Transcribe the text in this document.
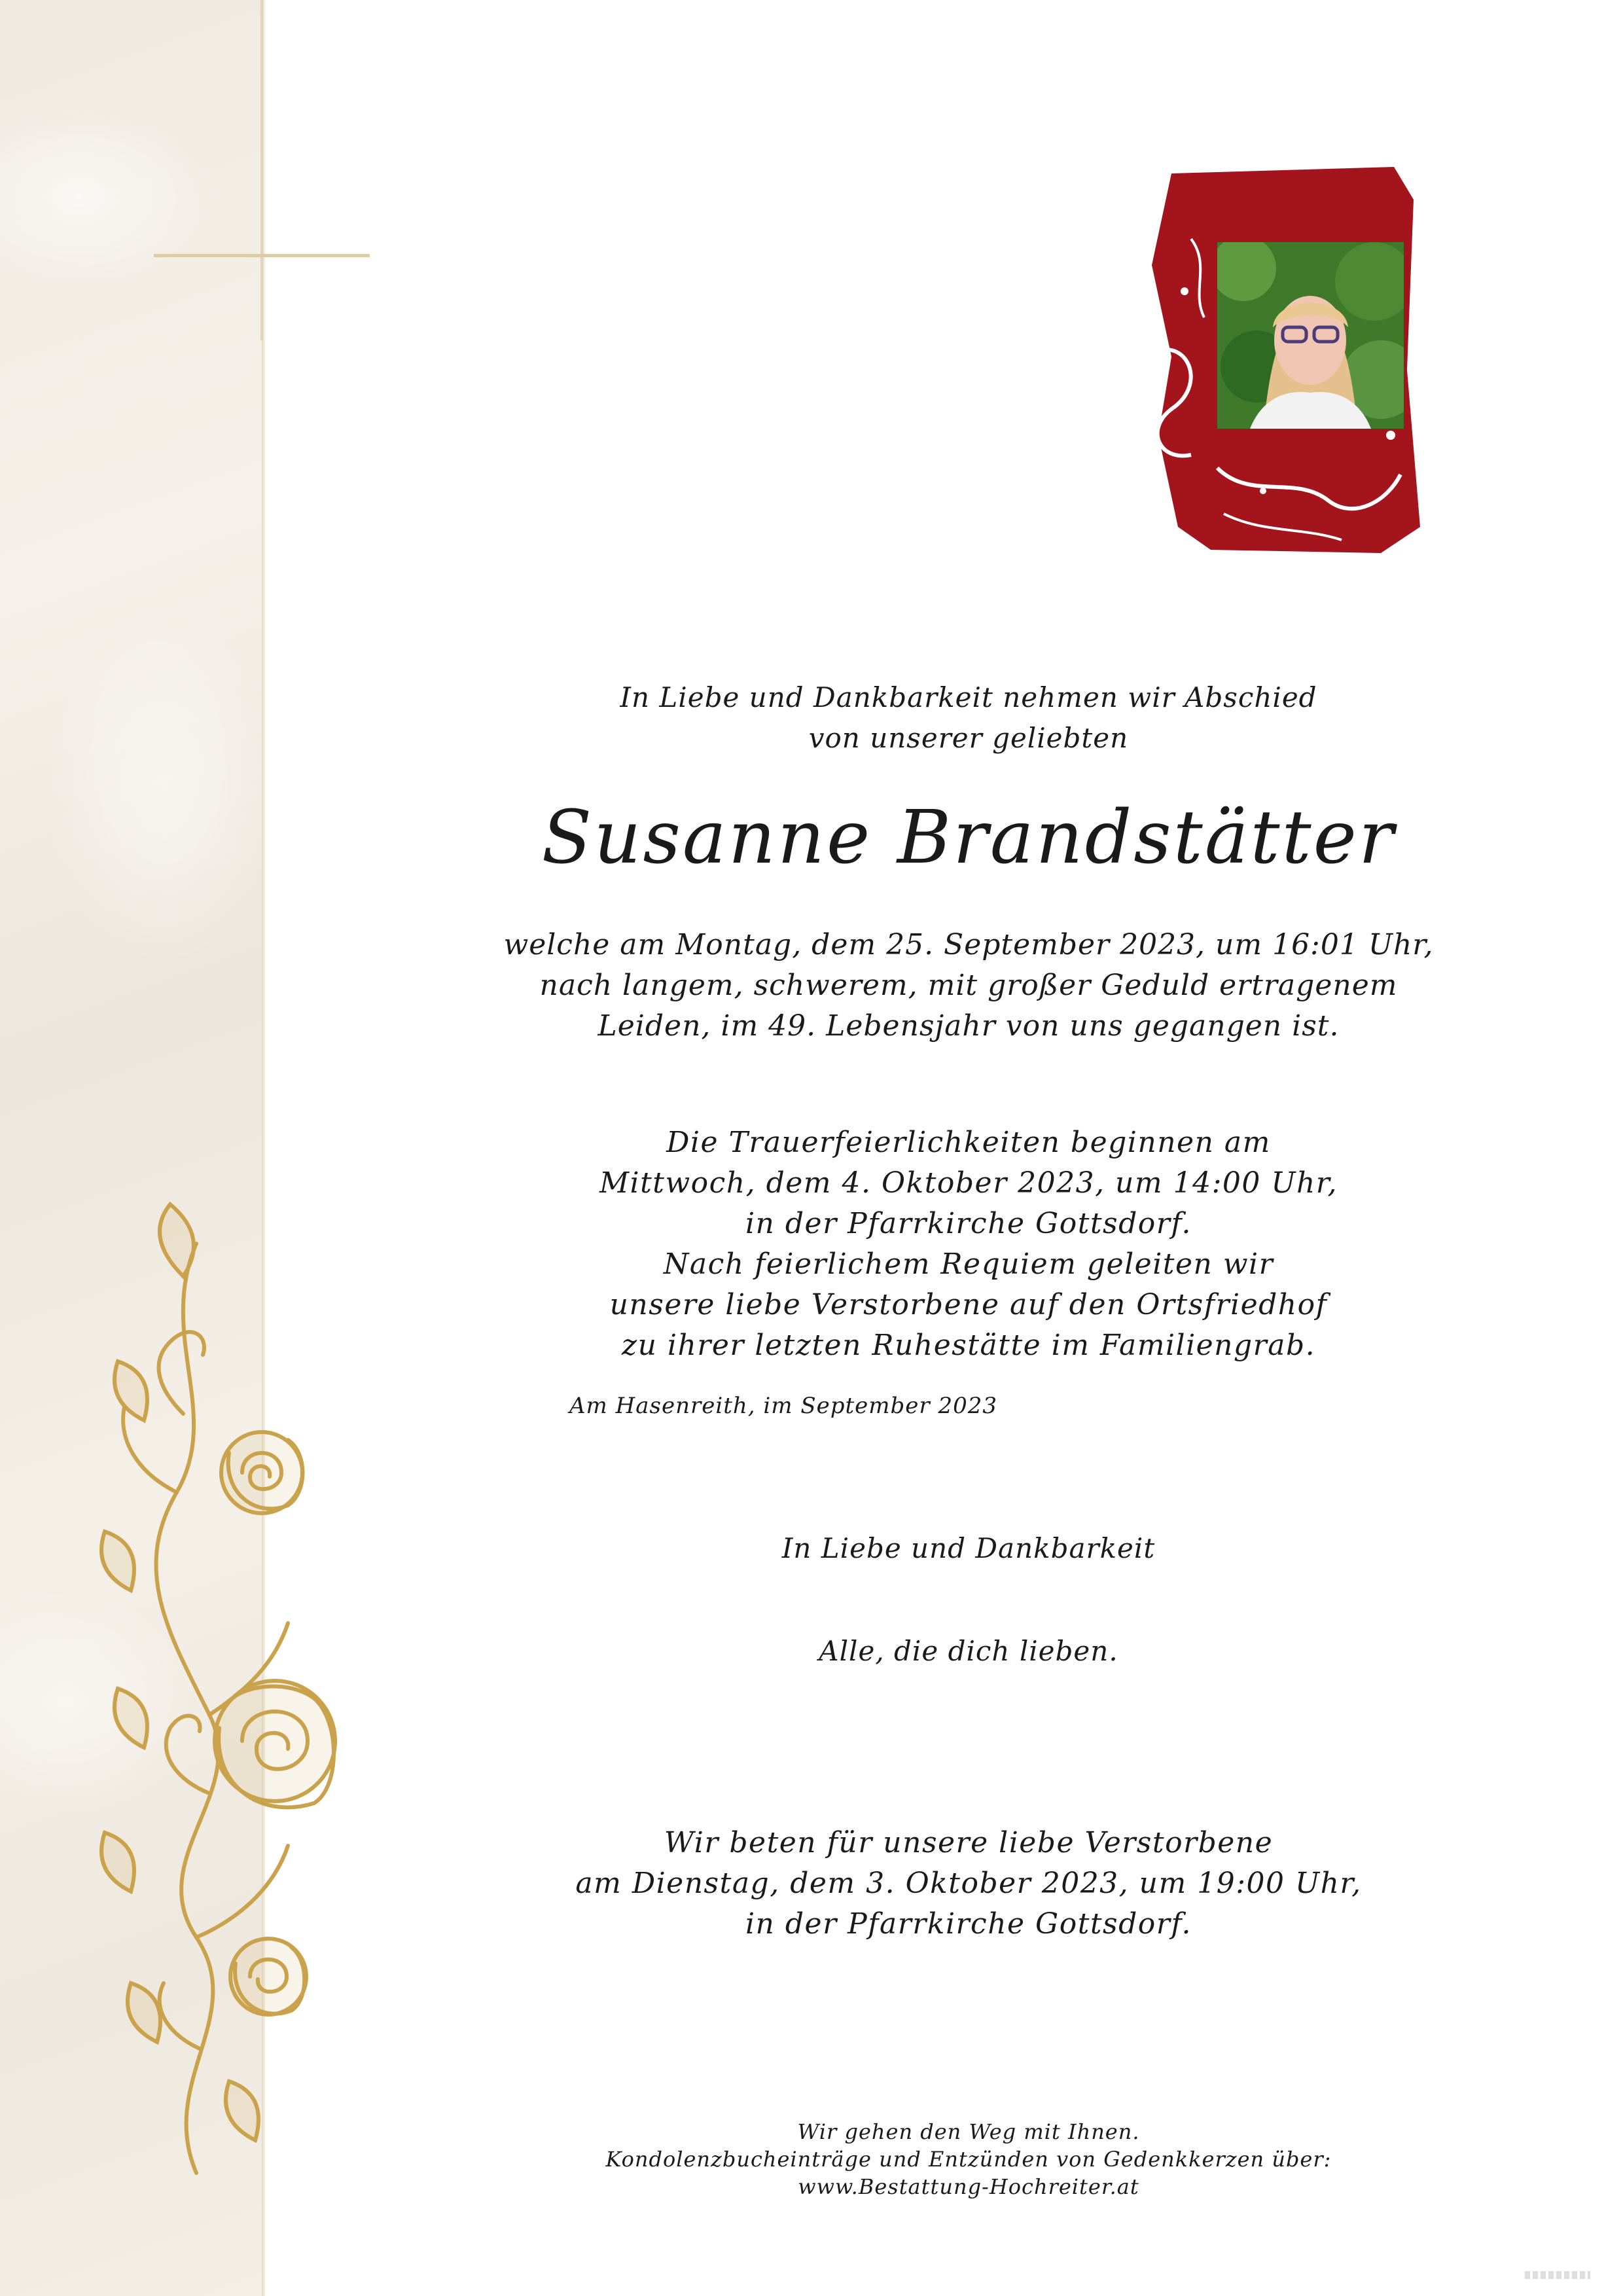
In Liebe und Dankbarkeit nehmen wir Abschied
von unserer geliebten
Susanne Brandstätter
welche am Montag, dem 25. September 2023, um 16:01 Uhr,
nach langem, schwerem, mit großer Geduld ertragenem
Leiden, im 49. Lebensjahr von uns gegangen ist.
Die Trauerfeierlichkeiten beginnen am
Mittwoch, dem 4. Oktober 2023, um 14:00 Uhr,
in der Pfarrkirche Gottsdorf.
Nach feierlichem Requiem geleiten wir
unsere liebe Verstorbene auf den Ortsfriedhof
zu ihrer letzten Ruhestätte im Familiengrab.
Am Hasenreith, im September 2023
In Liebe und Dankbarkeit
Alle, die dich lieben.
Wir beten für unsere liebe Verstorbene
am Dienstag, dem 3. Oktober 2023, um 19:00 Uhr,
in der Pfarrkirche Gottsdorf.
Wir gehen den Weg mit Ihnen.
Kondolenzbucheinträge und Entzünden von Gedenkkerzen über:
www.Bestattung-Hochreiter.at
